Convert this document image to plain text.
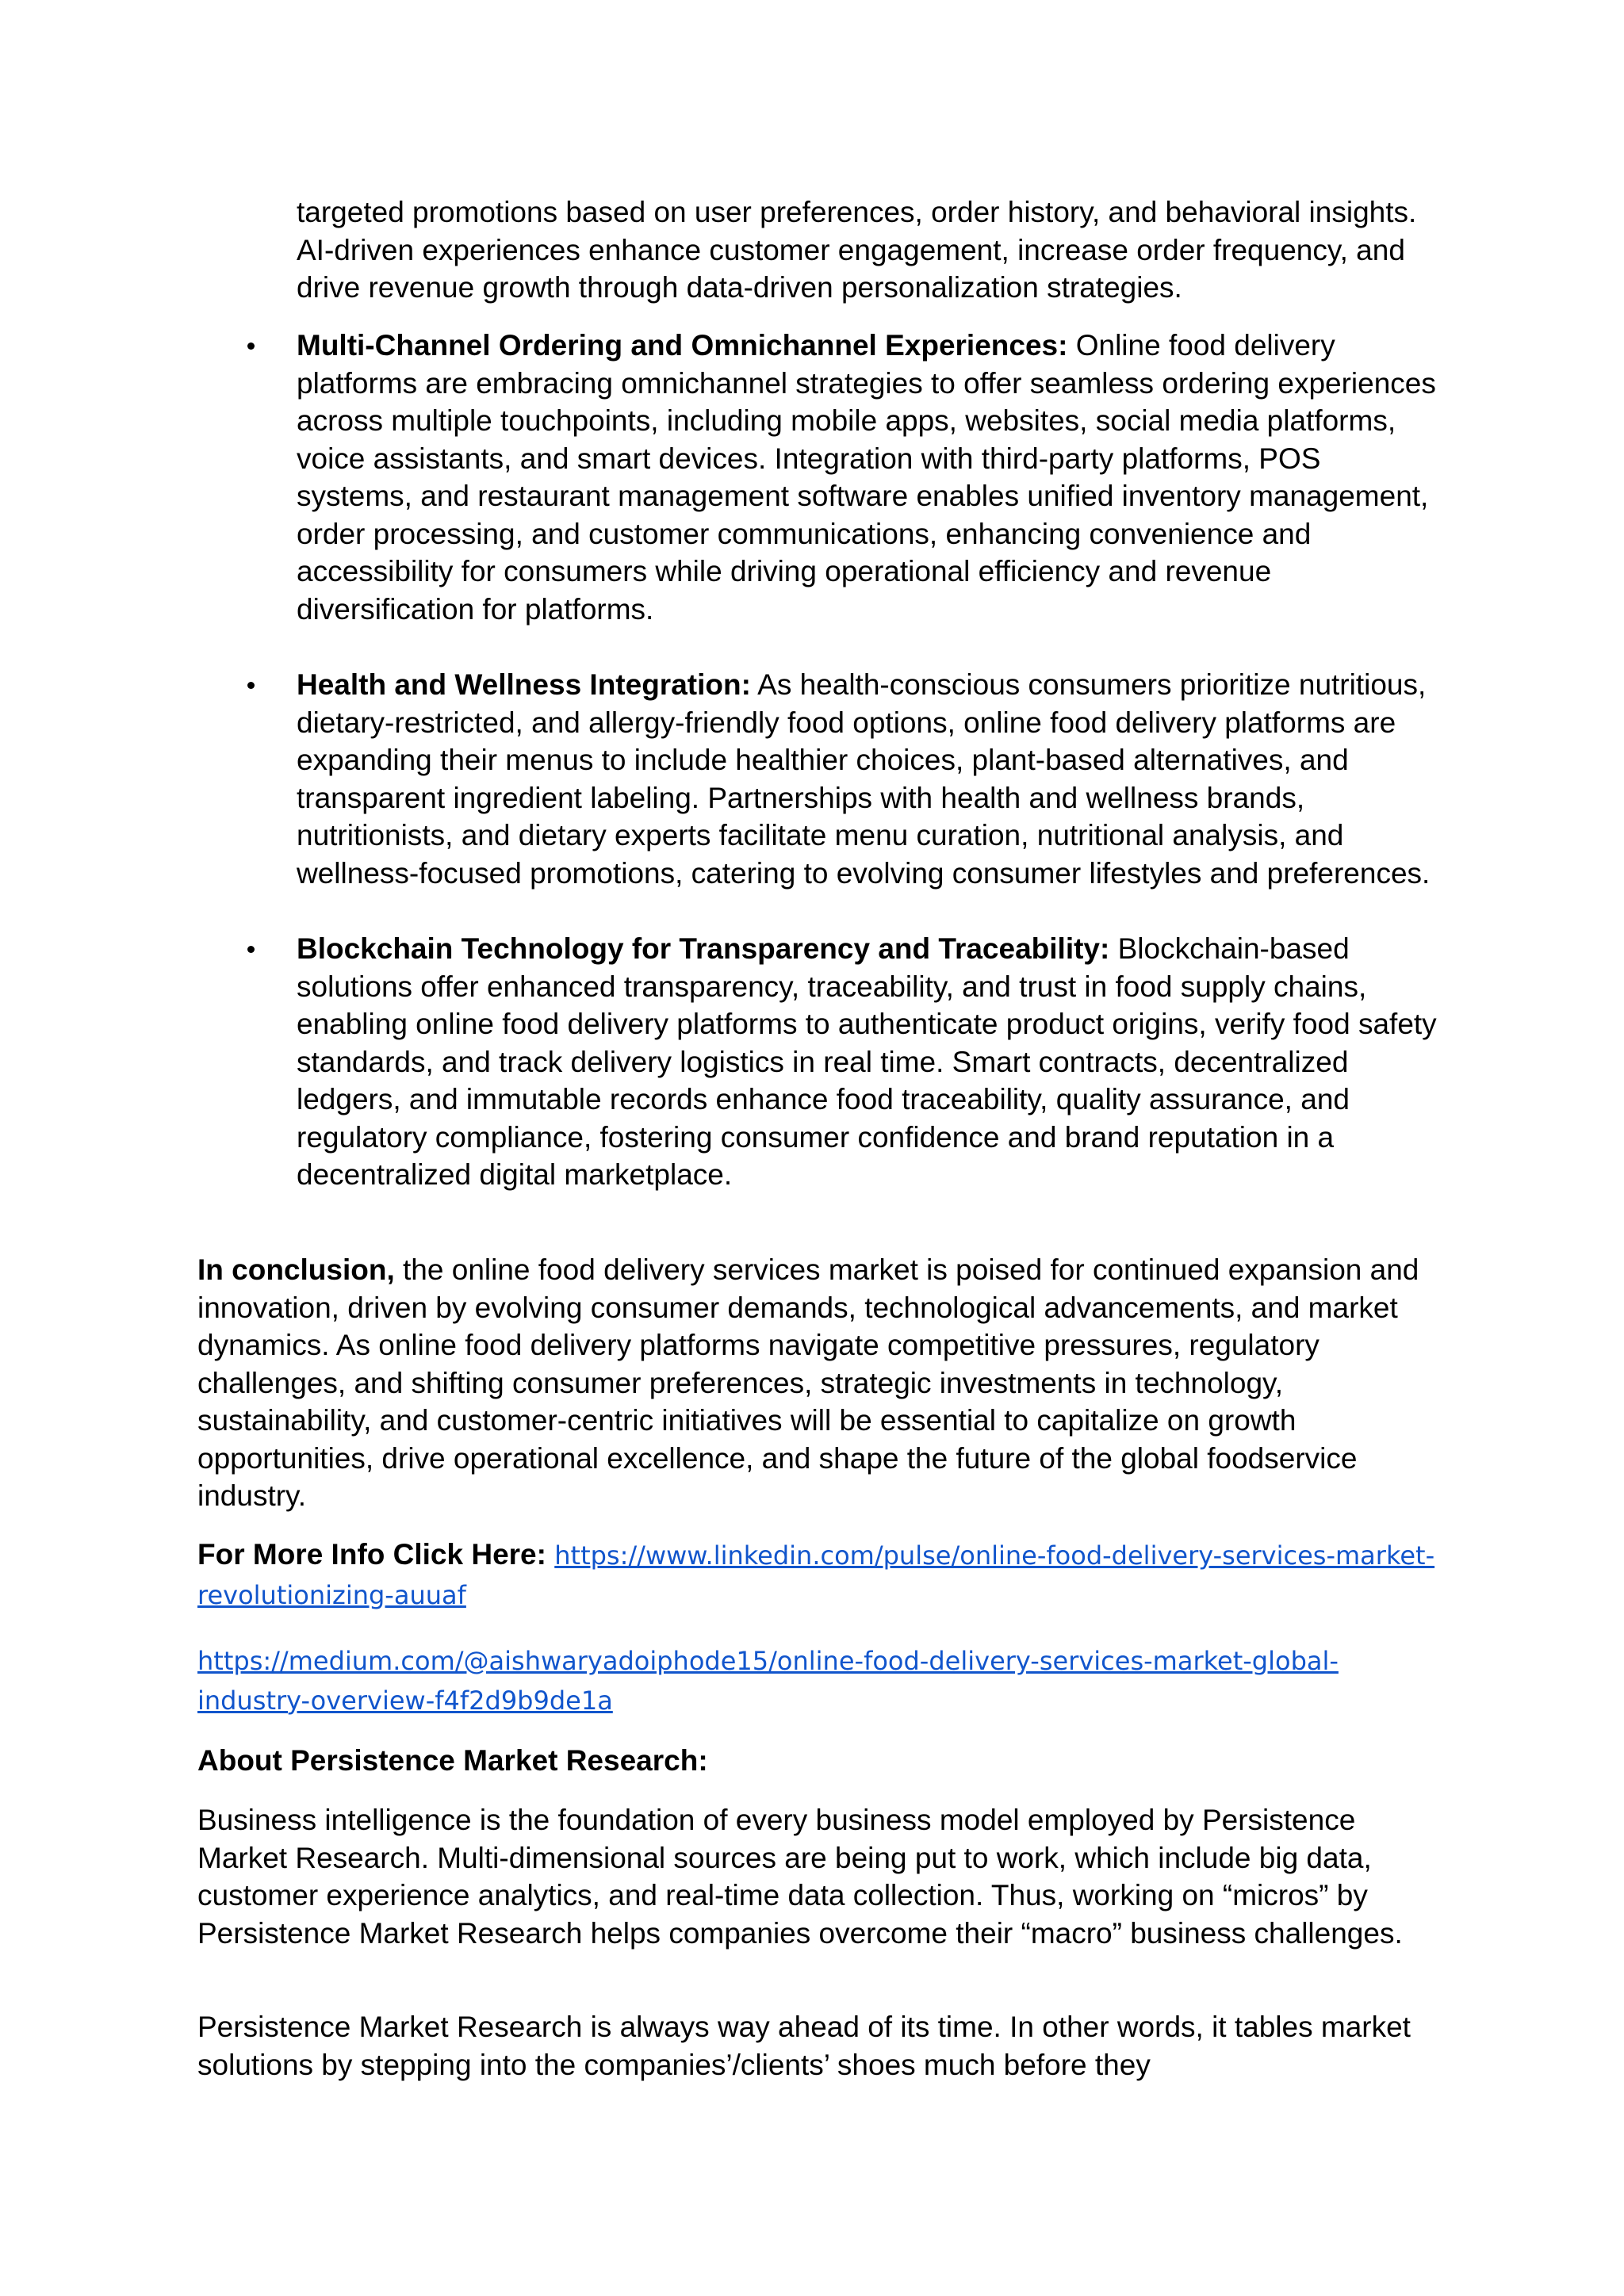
targeted promotions based on user preferences, order history, and behavioral insights. AI-driven experiences enhance customer engagement, increase order frequency, and drive revenue growth through data-driven personalization strategies.

Multi-Channel Ordering and Omnichannel Experiences: Online food delivery platforms are embracing omnichannel strategies to offer seamless ordering experiences across multiple touchpoints, including mobile apps, websites, social media platforms, voice assistants, and smart devices. Integration with third-party platforms, POS systems, and restaurant management software enables unified inventory management, order processing, and customer communications, enhancing convenience and accessibility for consumers while driving operational efficiency and revenue diversification for platforms.
Health and Wellness Integration: As health-conscious consumers prioritize nutritious, dietary-restricted, and allergy-friendly food options, online food delivery platforms are expanding their menus to include healthier choices, plant-based alternatives, and transparent ingredient labeling. Partnerships with health and wellness brands, nutritionists, and dietary experts facilitate menu curation, nutritional analysis, and wellness-focused promotions, catering to evolving consumer lifestyles and preferences.
Blockchain Technology for Transparency and Traceability: Blockchain-based solutions offer enhanced transparency, traceability, and trust in food supply chains, enabling online food delivery platforms to authenticate product origins, verify food safety standards, and track delivery logistics in real time. Smart contracts, decentralized ledgers, and immutable records enhance food traceability, quality assurance, and regulatory compliance, fostering consumer confidence and brand reputation in a decentralized digital marketplace.

In conclusion, the online food delivery services market is poised for continued expansion and innovation, driven by evolving consumer demands, technological advancements, and market dynamics. As online food delivery platforms navigate competitive pressures, regulatory challenges, and shifting consumer preferences, strategic investments in technology, sustainability, and customer-centric initiatives will be essential to capitalize on growth opportunities, drive operational excellence, and shape the future of the global foodservice industry.

For More Info Click Here: https://www.linkedin.com/pulse/online-food-delivery-services-market-revolutionizing-auuaf

https://medium.com/@aishwaryadoiphode15/online-food-delivery-services-market-global-industry-overview-f4f2d9b9de1a

About Persistence Market Research:

Business intelligence is the foundation of every business model employed by Persistence Market Research. Multi-dimensional sources are being put to work, which include big data, customer experience analytics, and real-time data collection. Thus, working on “micros” by Persistence Market Research helps companies overcome their “macro” business challenges.

Persistence Market Research is always way ahead of its time. In other words, it tables market solutions by stepping into the companies’/clients’ shoes much before they
